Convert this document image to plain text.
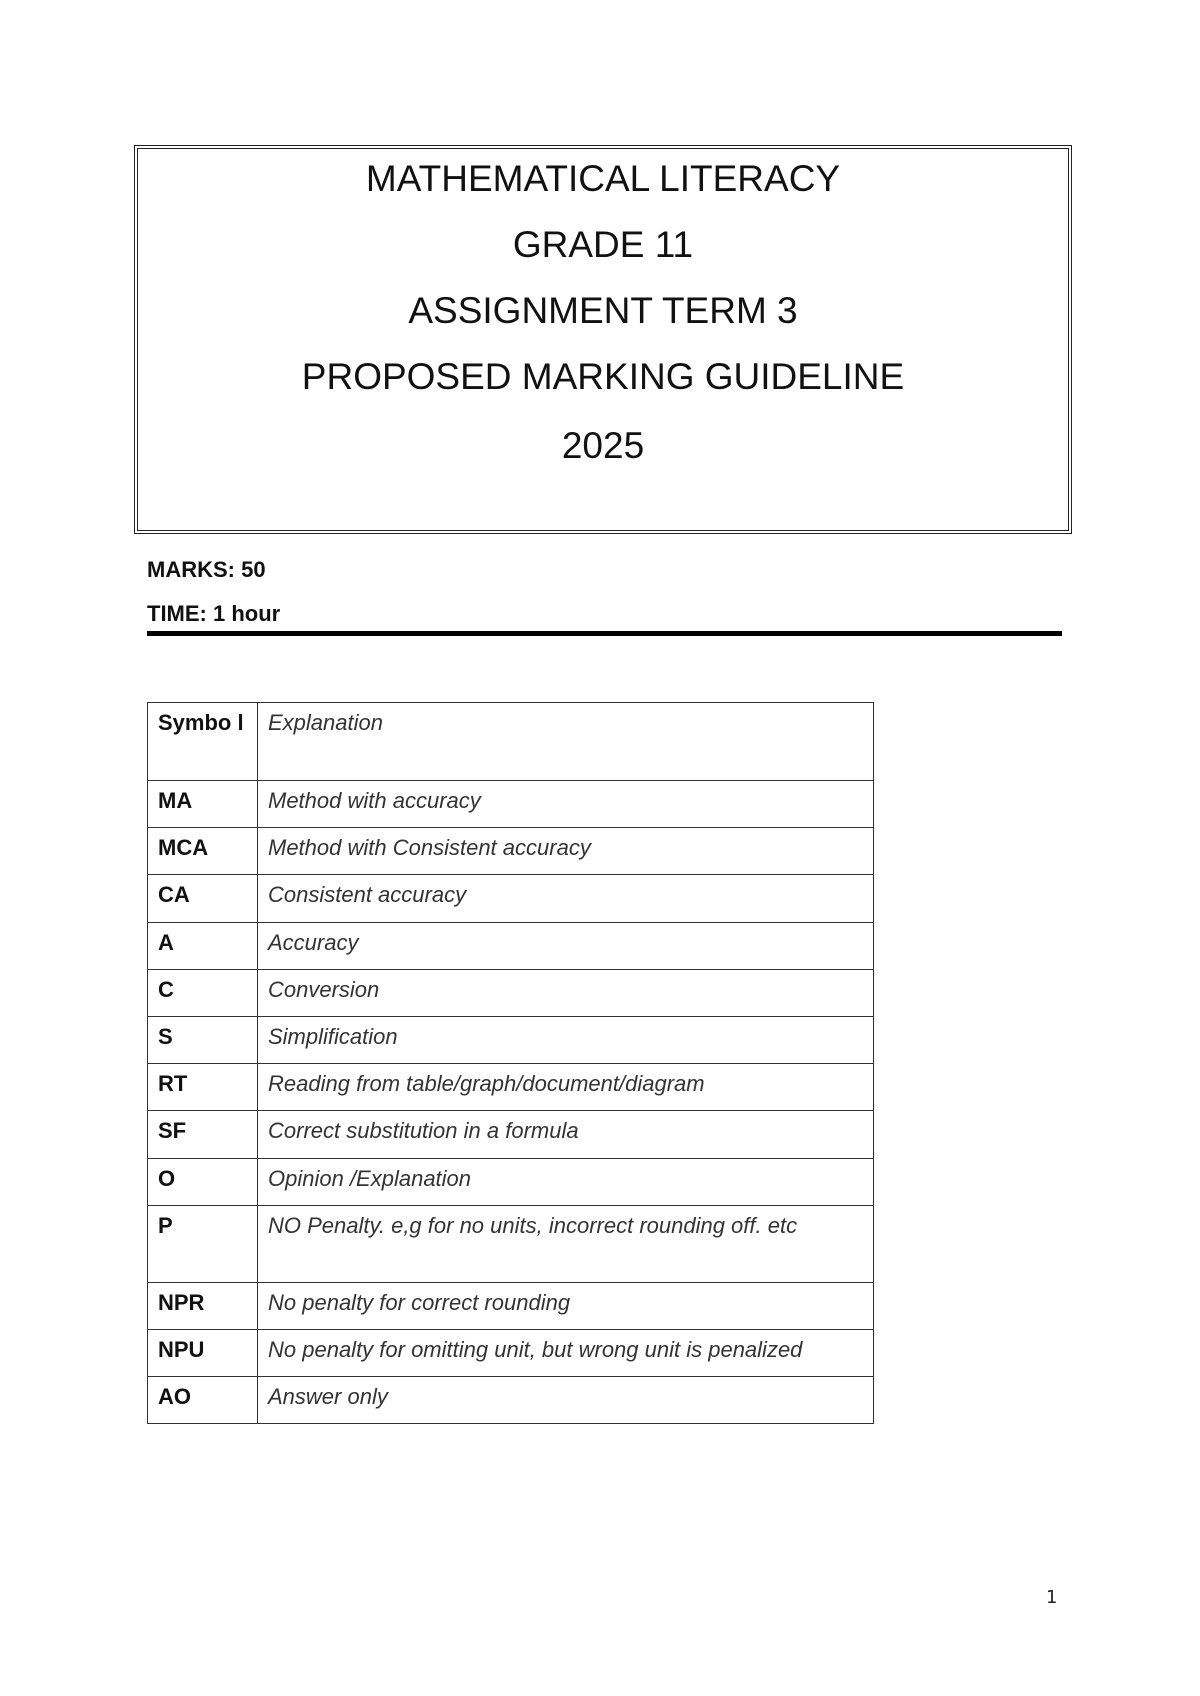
MATHEMATICAL LITERACY
GRADE 11
ASSIGNMENT TERM 3
PROPOSED MARKING GUIDELINE
2025
MARKS: 50
TIME: 1 hour
Symbo l	Explanation
MA	Method with accuracy
MCA	Method with Consistent accuracy
CA	Consistent accuracy
A	Accuracy
C	Conversion
S	Simplification
RT	Reading from table/graph/document/diagram
SF	Correct substitution in a formula
O	Opinion /Explanation
P	NO Penalty. e,g for no units, incorrect rounding off. etc
NPR	No penalty for correct rounding
NPU	No penalty for omitting unit, but wrong unit is penalized
AO	Answer only
1
